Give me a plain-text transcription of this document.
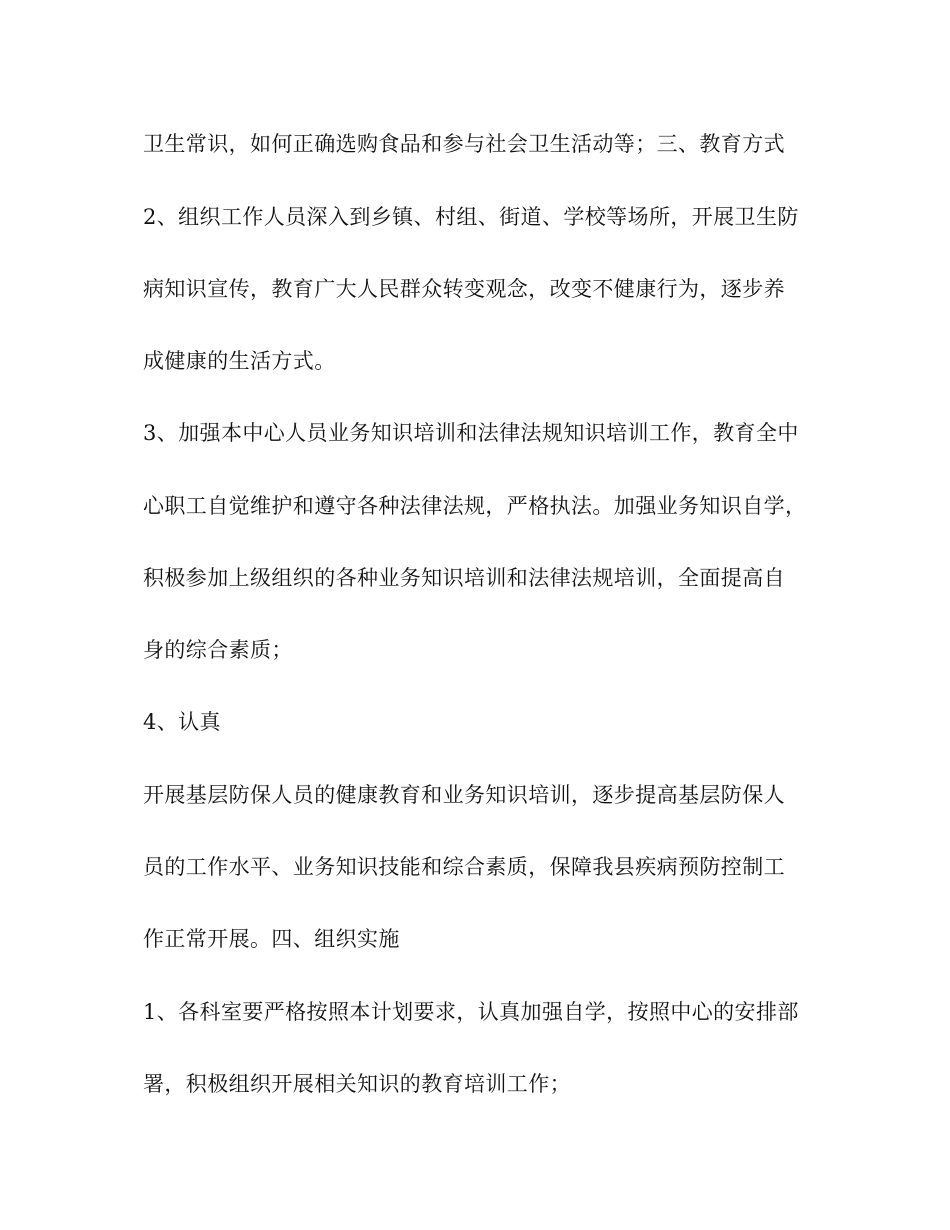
卫生常识，如何正确选购食品和参与社会卫生活动等；三、教育方式
2、组织工作人员深入到乡镇、村组、街道、学校等场所，开展卫生防
病知识宣传，教育广大人民群众转变观念，改变不健康行为，逐步养
成健康的生活方式。
3、加强本中心人员业务知识培训和法律法规知识培训工作，教育全中
心职工自觉维护和遵守各种法律法规，严格执法。加强业务知识自学，
积极参加上级组织的各种业务知识培训和法律法规培训，全面提高自
身的综合素质；
4、认真
开展基层防保人员的健康教育和业务知识培训，逐步提高基层防保人
员的工作水平、业务知识技能和综合素质，保障我县疾病预防控制工
作正常开展。四、组织实施
1、各科室要严格按照本计划要求，认真加强自学，按照中心的安排部
署，积极组织开展相关知识的教育培训工作；
